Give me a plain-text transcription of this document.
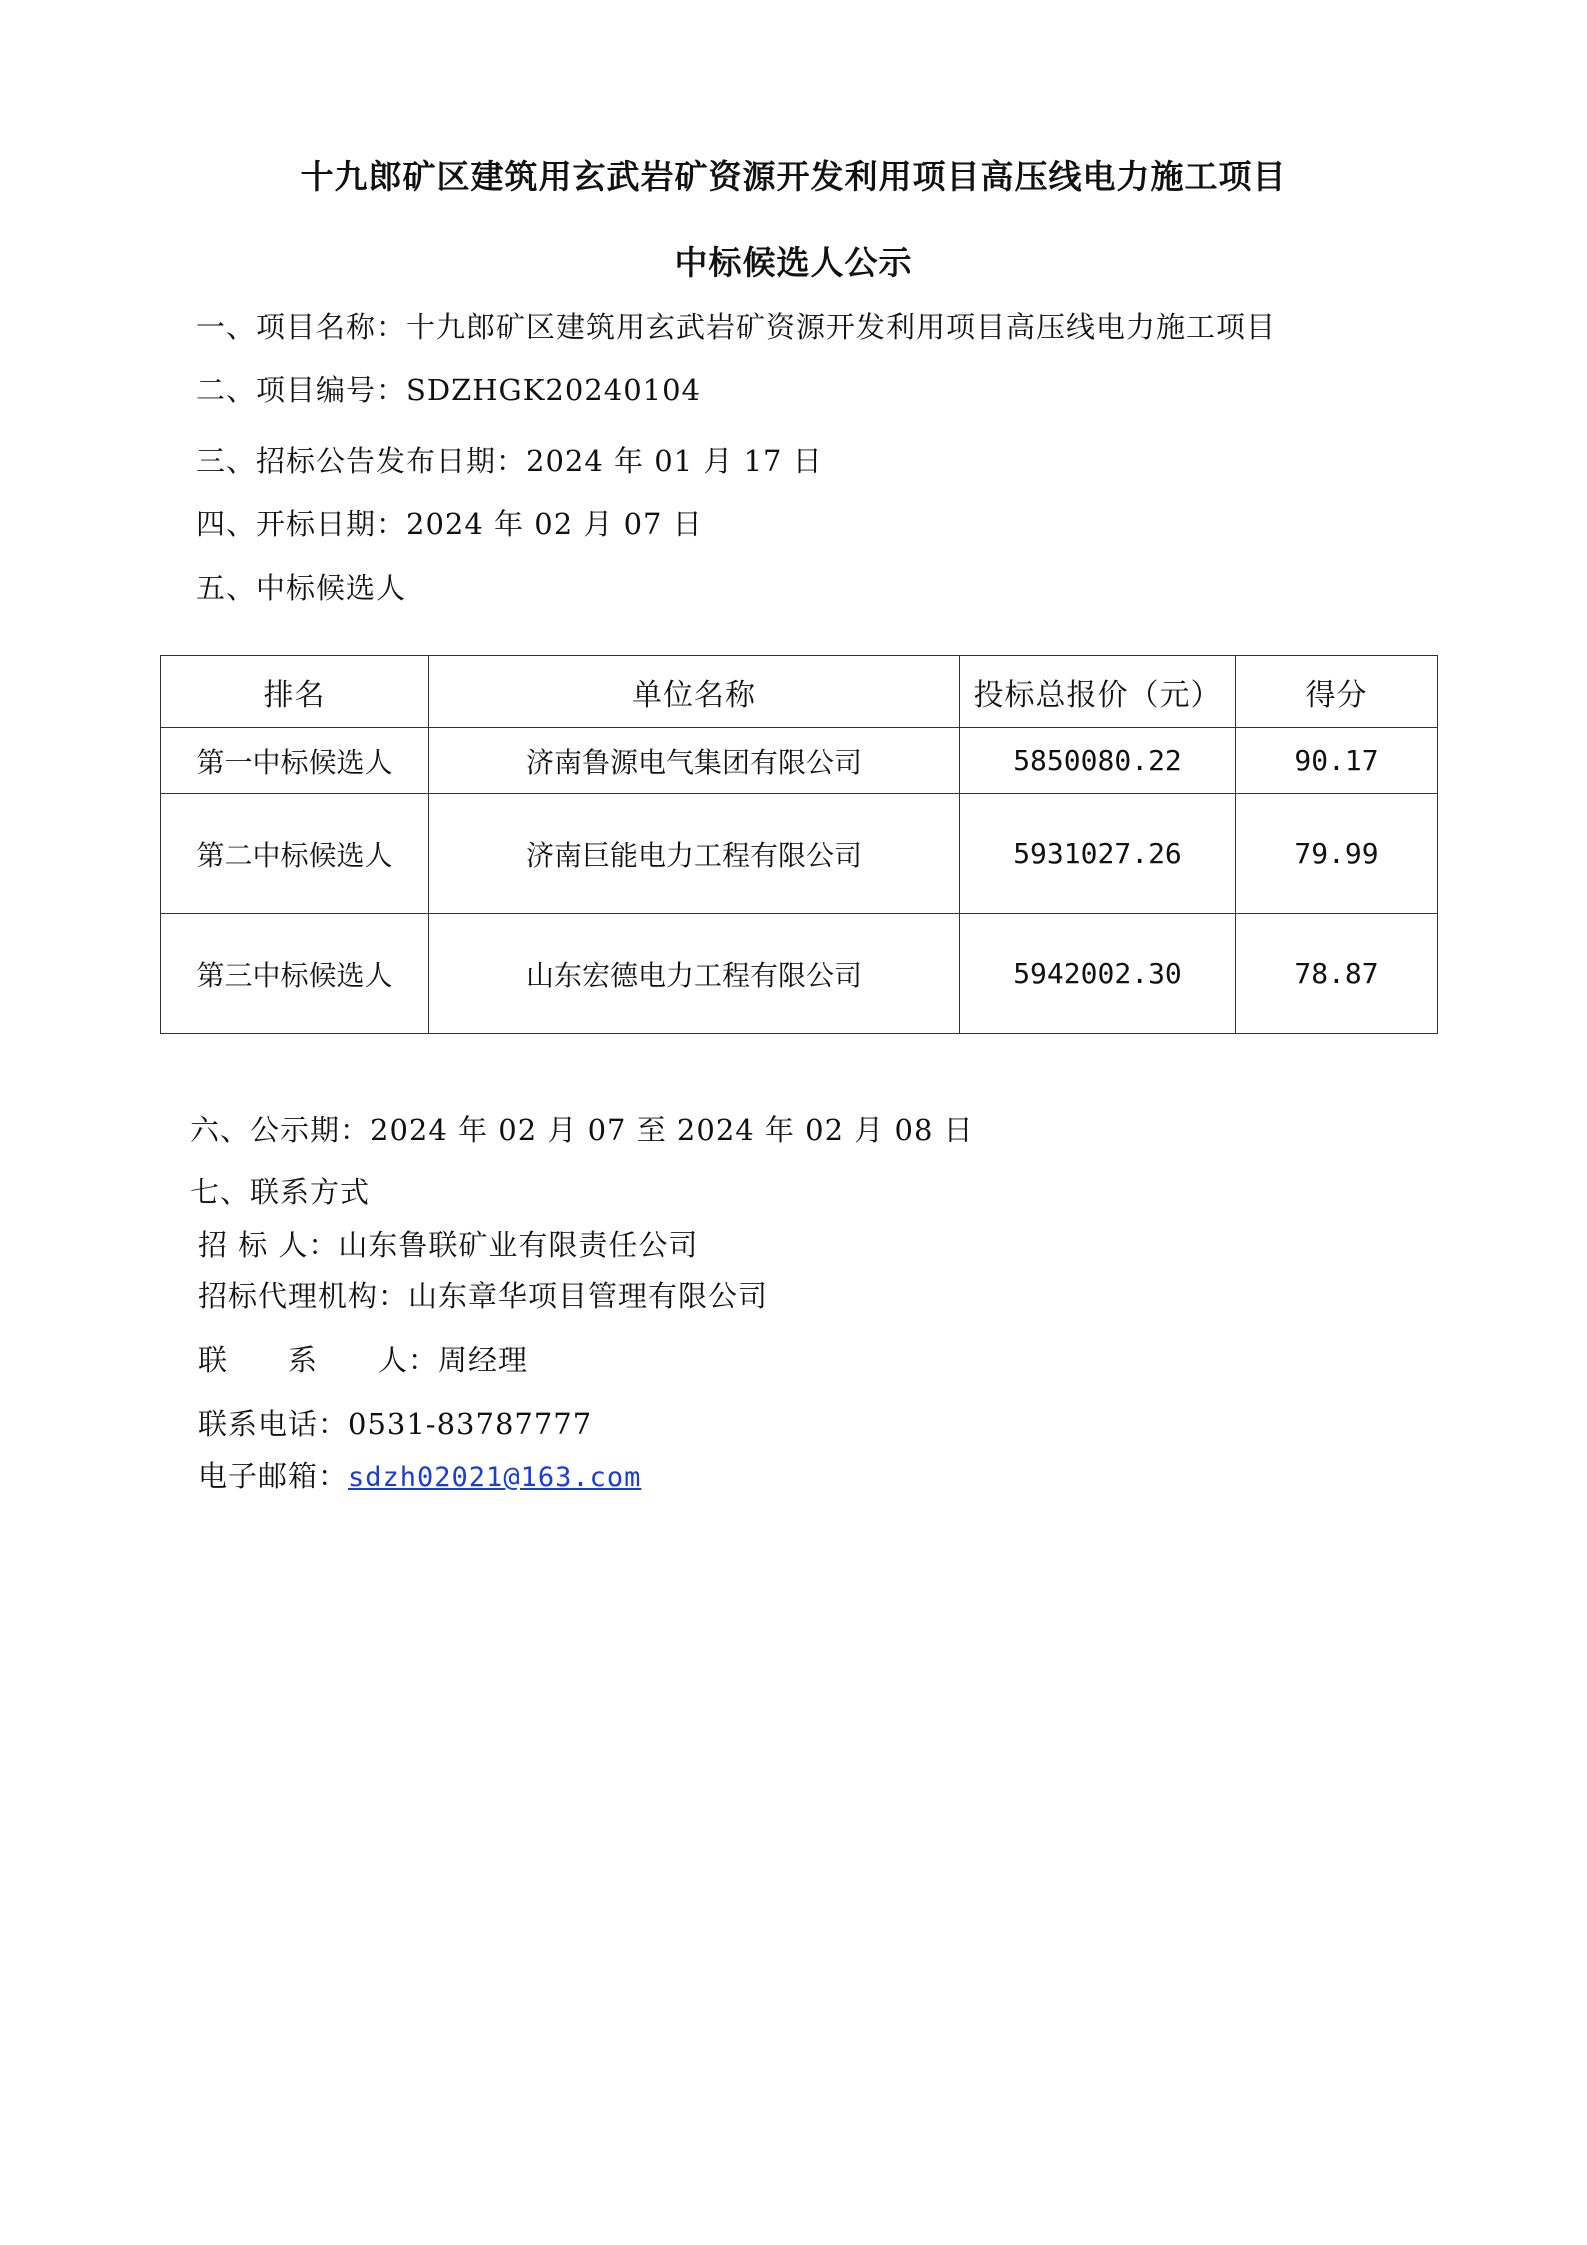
十九郎矿区建筑用玄武岩矿资源开发利用项目高压线电力施工项目
中标候选人公示
一、项目名称：十九郎矿区建筑用玄武岩矿资源开发利用项目高压线电力施工项目
二、项目编号：SDZHGK20240104
三、招标公告发布日期：2024 年 01 月 17 日
四、开标日期：2024 年 02 月 07 日
五、中标候选人
排名	单位名称	投标总报价（元）	得分
第一中标候选人	济南鲁源电气集团有限公司	5850080.22	90.17
第二中标候选人	济南巨能电力工程有限公司	5931027.26	79.99
第三中标候选人	山东宏德电力工程有限公司	5942002.30	78.87
六、公示期：2024 年 02 月 07 至 2024 年 02 月 08 日
七、联系方式
招 标 人：山东鲁联矿业有限责任公司
招标代理机构：山东章华项目管理有限公司
联　　系　　人：周经理
联系电话：0531-83787777
电子邮箱：sdzh02021@163.com
